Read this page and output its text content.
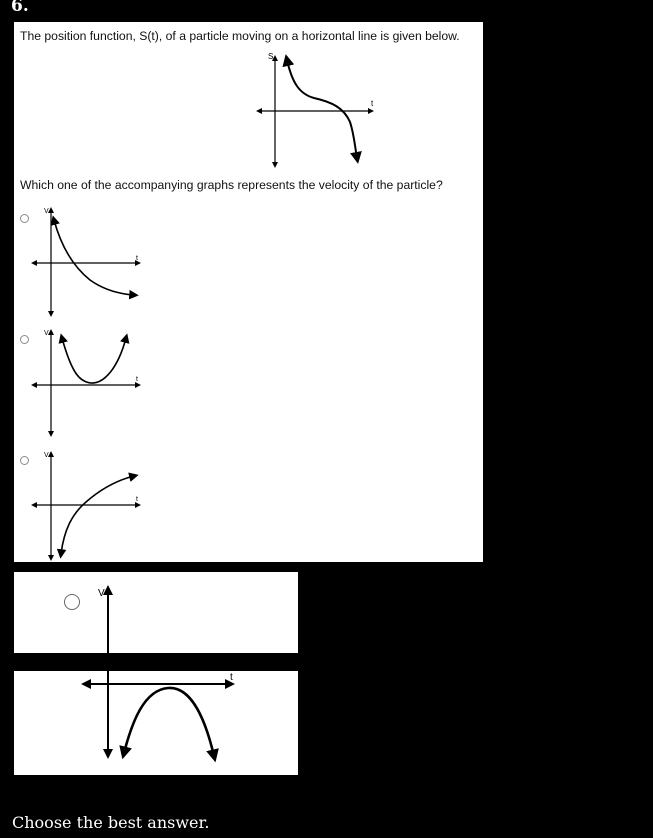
6.
The position function, S(t), of a particle moving on a horizontal line is given below.
S
t
Which one of the accompanying graphs represents the velocity of the particle?
V
t
V
t
V
t
V
t
Choose the best answer.
